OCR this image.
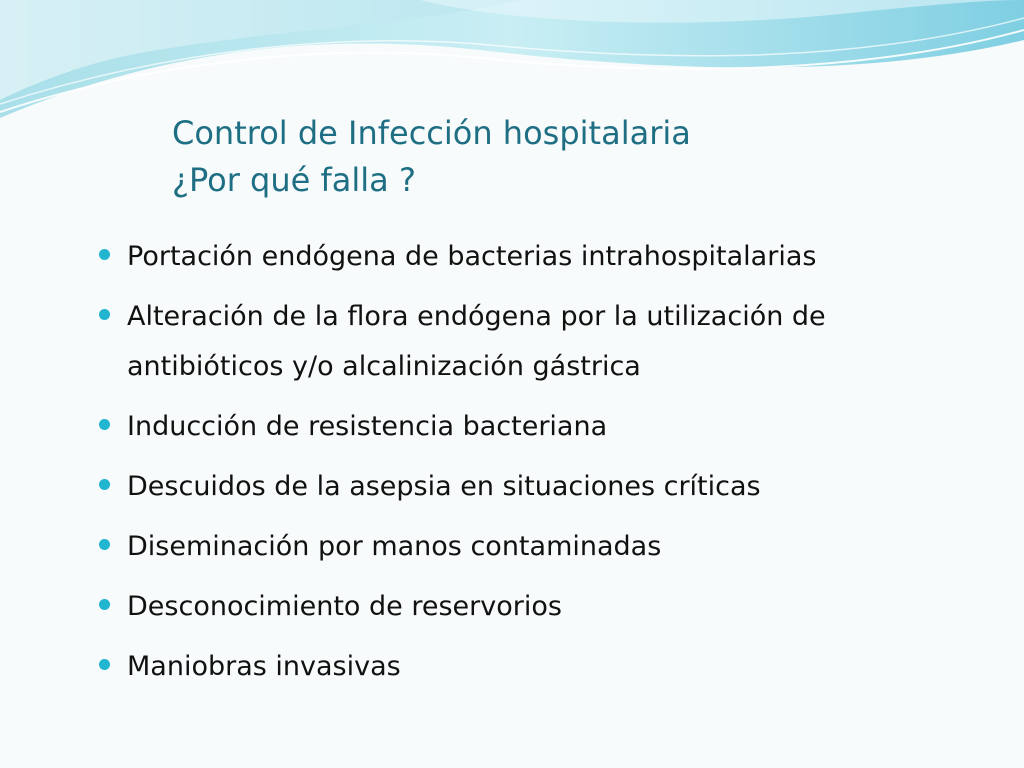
Control de Infección hospitalaria
¿Por qué falla ?
Portación endógena de bacterias intrahospitalarias
Alteración de la flora endógena por la utilización de antibióticos y/o alcalinización gástrica
Inducción de resistencia bacteriana
Descuidos de la asepsia en situaciones críticas
Diseminación por manos contaminadas
Desconocimiento de reservorios
Maniobras invasivas
